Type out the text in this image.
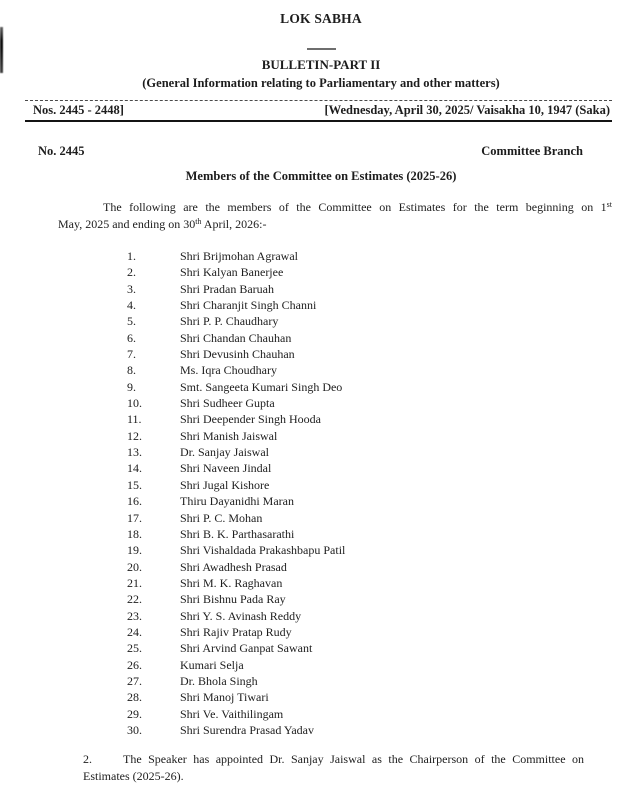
LOK SABHA
BULLETIN-PART II
(General Information relating to Parliamentary and other matters)
Nos. 2445 - 2448]	[Wednesday, April 30, 2025/ Vaisakha 10, 1947 (Saka)
No. 2445	Committee Branch
Members of the Committee on Estimates (2025-26)
The following are the members of the Committee on Estimates for the term beginning on 1st
May, 2025 and ending on 30th April, 2026:-
1.	Shri Brijmohan Agrawal
2.	Shri Kalyan Banerjee
3.	Shri Pradan Baruah
4.	Shri Charanjit Singh Channi
5.	Shri P. P. Chaudhary
6.	Shri Chandan Chauhan
7.	Shri Devusinh Chauhan
8.	Ms. Iqra Choudhary
9.	Smt. Sangeeta Kumari Singh Deo
10.	Shri Sudheer Gupta
11.	Shri Deepender Singh Hooda
12.	Shri Manish Jaiswal
13.	Dr. Sanjay Jaiswal
14.	Shri Naveen Jindal
15.	Shri Jugal Kishore
16.	Thiru Dayanidhi Maran
17.	Shri P. C. Mohan
18.	Shri B. K. Parthasarathi
19.	Shri Vishaldada Prakashbapu Patil
20.	Shri Awadhesh Prasad
21.	Shri M. K. Raghavan
22.	Shri Bishnu Pada Ray
23.	Shri Y. S. Avinash Reddy
24.	Shri Rajiv Pratap Rudy
25.	Shri Arvind Ganpat Sawant
26.	Kumari Selja
27.	Dr. Bhola Singh
28.	Shri Manoj Tiwari
29.	Shri Ve. Vaithilingam
30.	Shri Surendra Prasad Yadav
2.	The Speaker has appointed Dr. Sanjay Jaiswal as the Chairperson of the Committee on
Estimates (2025-26).
